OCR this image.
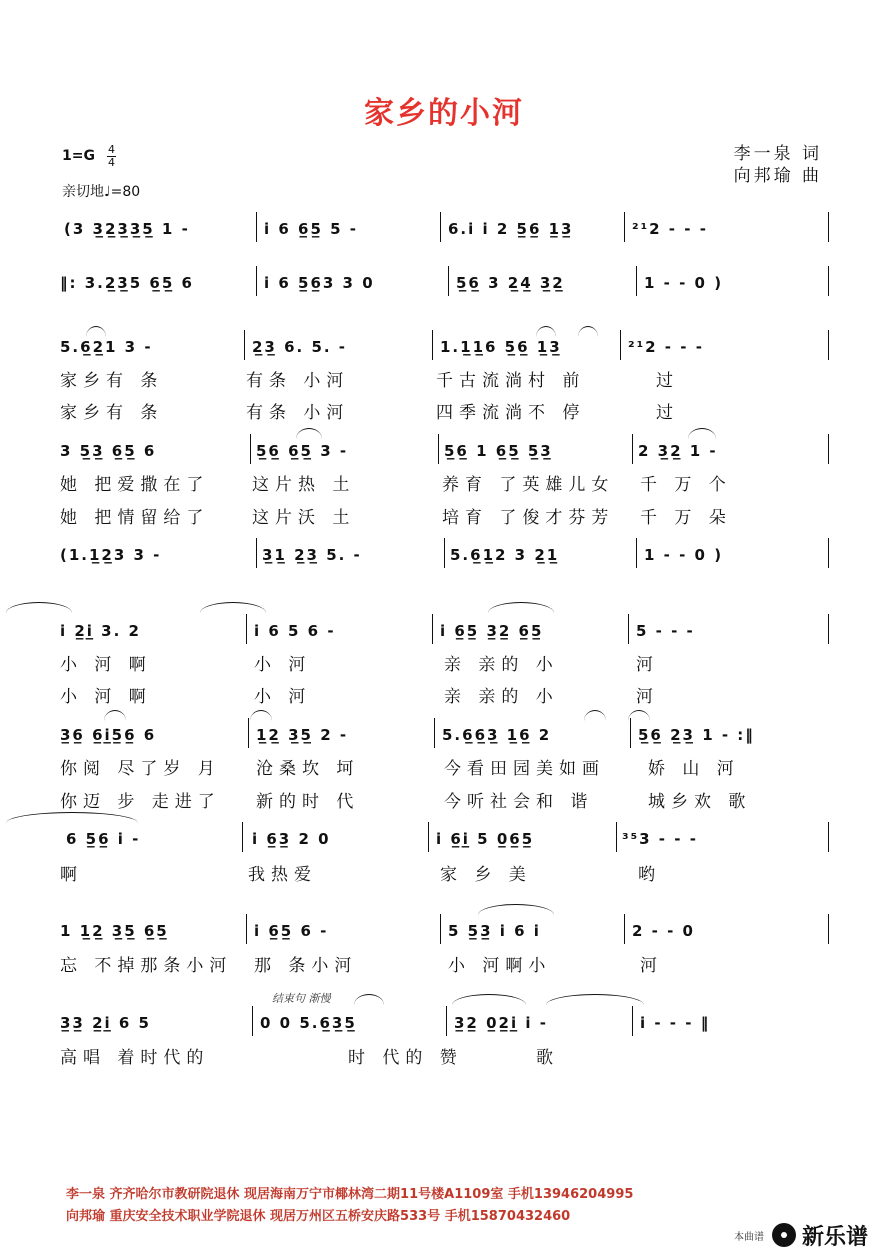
家乡的小河
1=G 4
4
亲切地♩=80
李一泉 词
向邦瑜 曲
(3 3̲2̲3̲3̲5̲ 1 -	i 6 6̲5̲ 5 -	6.i i 2 5̲6̲ 1̲3̲	²¹2 - - -
‖: 3.2̲3̲5 6̲5̲ 6	i 6 5̲6̲3 3 0	5̲6̲ 3 2̲4̲ 3̲2̲	1 - - 0 )
5.6̲2̲1 3 -	2̲3̲ 6. 5. -	1.1̲1̲6 5̲6̲ 1̲3̲	²¹2 - - -
家乡有 条	有条 小河	千古流淌村 前	过
家乡有 条	有条 小河	四季流淌不 停	过
3 5̲3̲ 6̲5̲ 6	5̲6̲ 6̲5̲ 3 -	5̲6̲ 1 6̲5̲ 5̲3̲	2 3̲2̲ 1 -
她 把爱撒在了	这片热 土	养育 了英雄儿女 千 万 个
她 把情留给了	这片沃 土	培育 了俊才芬芳 千 万 朵
(1.1̲2̲3 3 -	3̲1̲ 2̲3̲ 5. -	5.6̲1̲2 3 2̲1̲	1 - - 0 )
i 2̲i̲ 3. 2	i 6 5 6 -	i 6̲5̲ 3̲2̲ 6̲5̲	5 - - -
小 河 啊	小 河	亲 亲的 小	河
小 河 啊	小 河	亲 亲的 小	河
3̲6̲ 6̲i̲5̲6̲ 6	1̲2̲ 3̲5̲ 2 -	5.6̲6̲3̲ 1̲6̲ 2	5̲6̲ 2̲3̲ 1 - :‖
你阅 尽了岁 月 沧桑坎 坷	今看田园美如画	娇 山 河
你迈 步 走进了 新的时 代	今听社会和 谐	城乡欢 歌
6 5̲6̲ i -	i 6̲3̲ 2 0	i 6̲i̲ 5 0̲6̲5̲	³⁵3 - - -
啊	我热爱	家 乡 美	哟
1 1̲2̲ 3̲5̲ 6̲5̲	i 6̲5̲ 6 -	5 5̲3̲ i 6 i	2 - - 0
忘 不掉那条小河 那 条小河	小 河啊小	河
结束句 渐慢
3̲3̲ 2̲i̲ 6 5	0 0 5.6̲3̲5̲	3̲2̲ 0̲2̲i̲ i -	i - - - ‖
高唱 着时代的	时 代的 赞	歌
李一泉 齐齐哈尔市教研院退休 现居海南万宁市椰林湾二期11号楼A1109室 手机13946204995
向邦瑜 重庆安全技术职业学院退休 现居万州区五桥安庆路533号 手机15870432460
本曲谱 新乐谱
